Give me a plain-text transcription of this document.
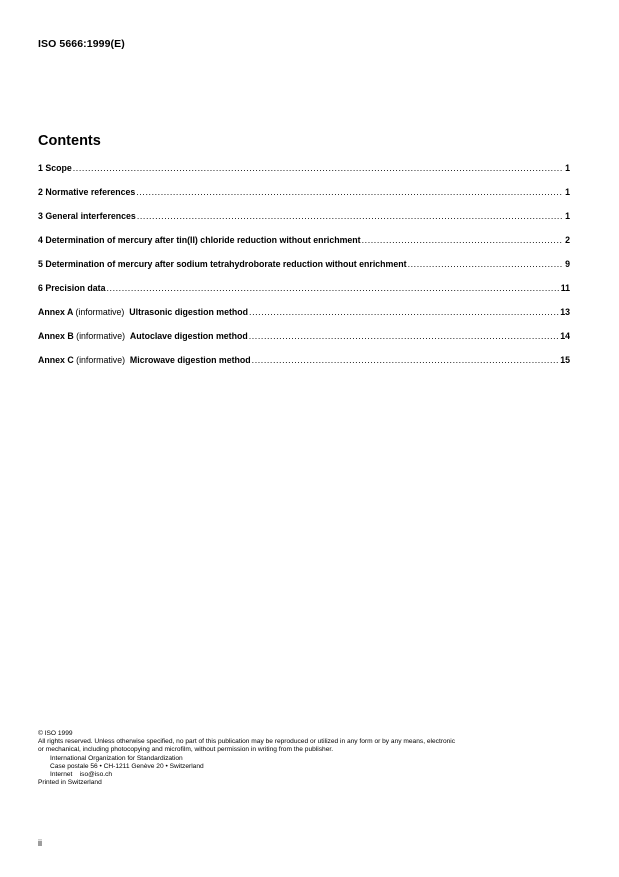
ISO 5666:1999(E)
Contents
1 Scope .....	1
2 Normative references .....	1
3 General interferences .....	1
4 Determination of mercury after tin(II) chloride reduction without enrichment .....	2
5 Determination of mercury after sodium tetrahydroborate reduction without enrichment .....	9
6 Precision data .....	11
Annex A (informative) Ultrasonic digestion method .....	13
Annex B (informative) Autoclave digestion method .....	14
Annex C (informative) Microwave digestion method .....	15
© ISO 1999
All rights reserved. Unless otherwise specified, no part of this publication may be reproduced or utilized in any form or by any means, electronic
or mechanical, including photocopying and microfilm, without permission in writing from the publisher.
International Organization for Standardization
Case postale 56 • CH-1211 Genève 20 • Switzerland
Internet iso@iso.ch
Printed in Switzerland
ii
